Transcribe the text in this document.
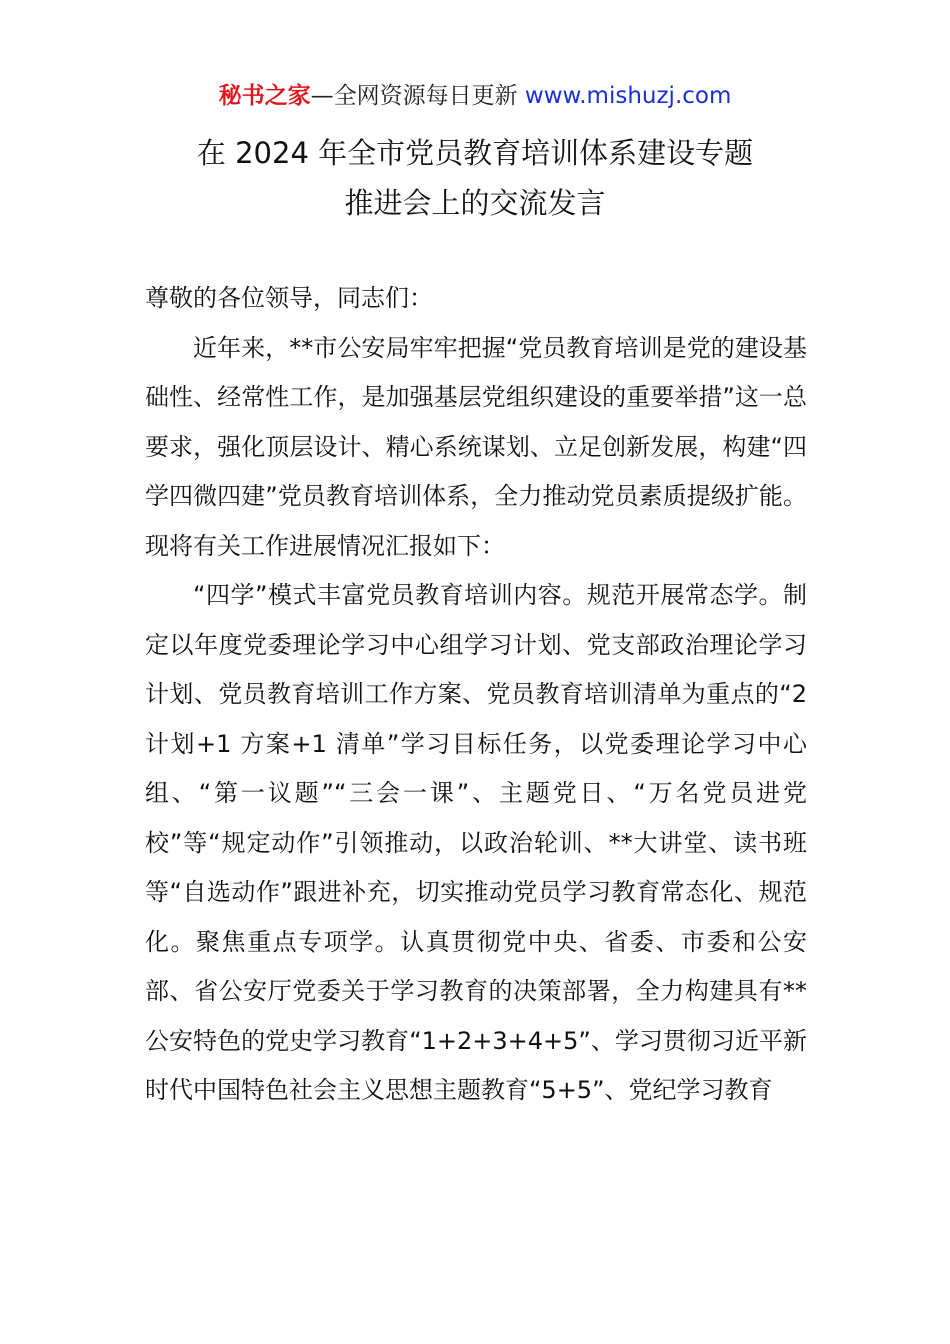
秘书之家—全网资源每日更新 www.mishuzj.com
在 2024 年全市党员教育培训体系建设专题
推进会上的交流发言

尊敬的各位领导，同志们：

近年来，**市公安局牢牢把握“党员教育培训是党的建设基础性、经常性工作，是加强基层党组织建设的重要举措”这一总要求，强化顶层设计、精心系统谋划、立足创新发展，构建“四学四微四建”党员教育培训体系，全力推动党员素质提级扩能。现将有关工作进展情况汇报如下：

“四学”模式丰富党员教育培训内容。规范开展常态学。制定以年度党委理论学习中心组学习计划、党支部政治理论学习计划、党员教育培训工作方案、党员教育培训清单为重点的“2 计划+1 方案+1 清单”学习目标任务，以党委理论学习中心组、“第一议题”“三会一课”、主题党日、“万名党员进党校”等“规定动作”引领推动，以政治轮训、**大讲堂、读书班等“自选动作”跟进补充，切实推动党员学习教育常态化、规范化。聚焦重点专项学。认真贯彻党中央、省委、市委和公安部、省公安厅党委关于学习教育的决策部署，全力构建具有**公安特色的党史学习教育“1+2+3+4+5”、学习贯彻习近平新时代中国特色社会主义思想主题教育“5+5”、党纪学习教育
